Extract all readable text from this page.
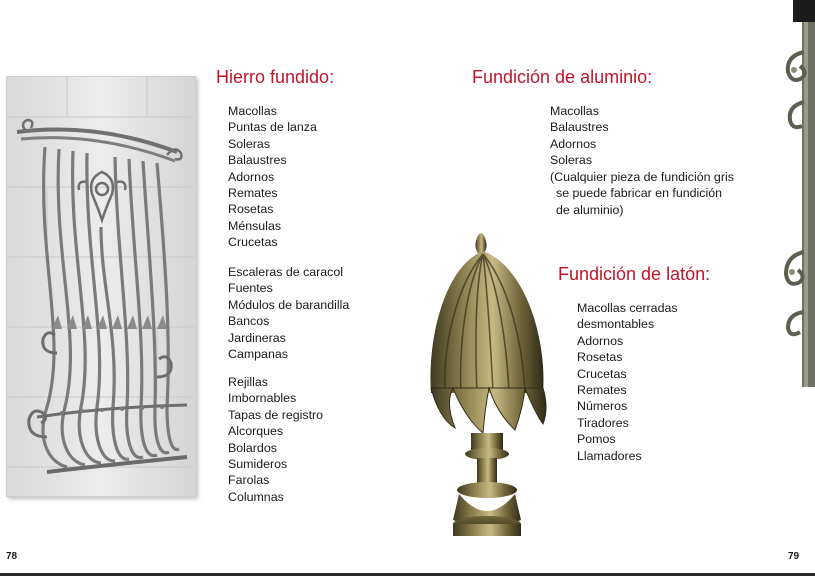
Hierro fundido:
Macollas
Puntas de lanza
Soleras
Balaustres
Adornos
Remates
Rosetas
Ménsulas
Crucetas
Escaleras de caracol
Fuentes
Módulos de barandilla
Bancos
Jardineras
Campanas
Rejillas
Imbornables
Tapas de registro
Alcorques
Bolardos
Sumideros
Farolas
Columnas
78
Fundición de aluminio:
Macollas
Balaustres
Adornos
Soleras
(Cualquier pieza de fundición gris
se puede fabricar en fundición
de aluminio)
Fundición de latón:
Macollas cerradas
desmontables
Adornos
Rosetas
Crucetas
Remates
Números
Tiradores
Pomos
Llamadores
79
